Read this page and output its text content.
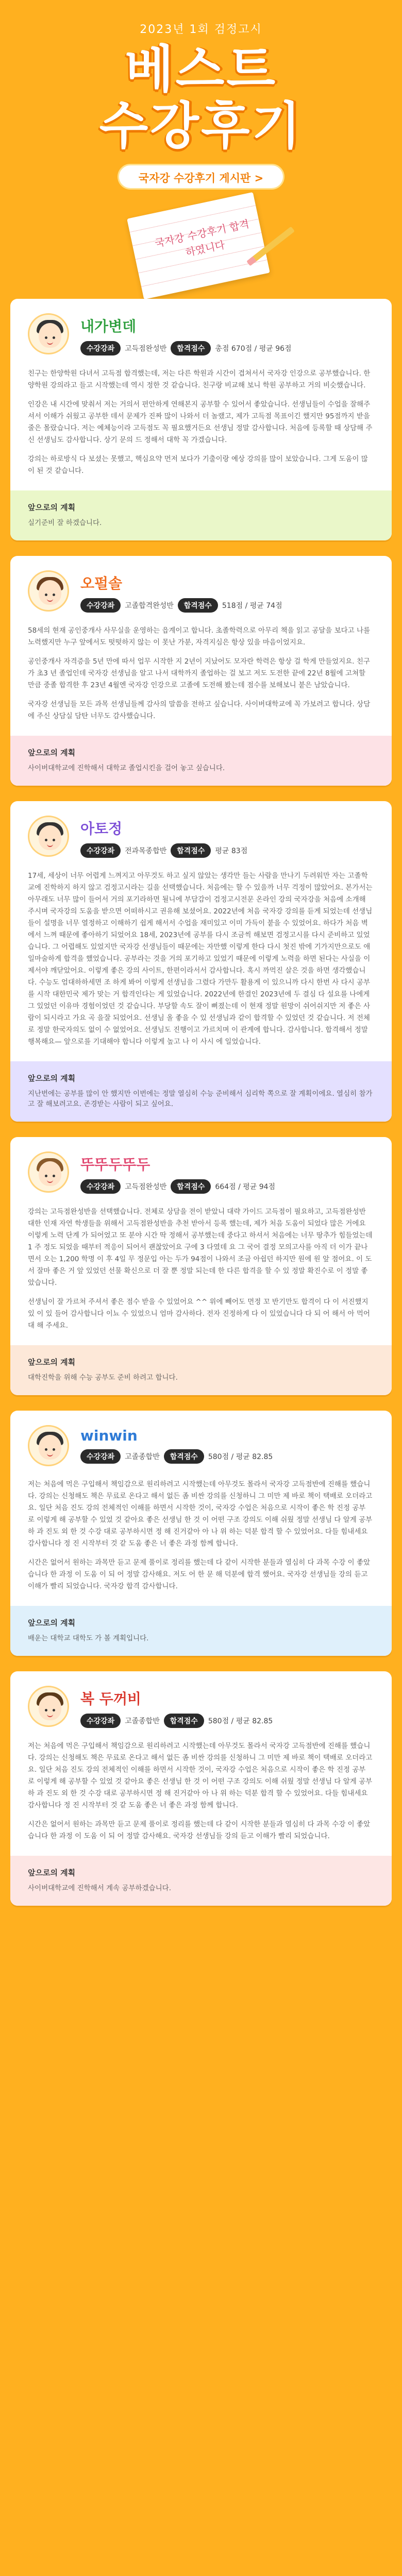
2023년 1회 검정고시
베스트
수강후기
국자강 수강후기 게시판 >
국자강 수강후기 합격하였니다
내가변데
수강강좌	고득점완성반	합격점수	총점 670점 / 평균 96점

친구는 한양학원 다녀서 고득점 합격했는데, 저는 다른 학원과 시간이 겹쳐서서 국자강 인강으로 공부했습니다. 한양학원 강의라고 들고 시작했는데 역시 정한 것 같습니다. 친구랑 비교해 보니 학원 공부하고 거의 비슷했습니다.

인강은 내 시간에 맞춰서 저는 거의서 편안하게 연해본지 공부할 수 있어서 좋았습니다. 선생님들이 수업을 잘해주셔서 이해가 쉬웠고 공부한 데서 문제가 진짜 많이 나와서 더 놀랬고, 제가 고득점 목표이긴 했지만 95점까지 받을 줄은 몰랐습니다. 저는 예체능이라 고득점도 꼭 필요했거든요 선생님 정말 감사합니다. 처음에 등록할 때 상담해 주신 선생님도 감사합니다. 상기 문의 드 정해서 대학 꼭 가겠습니다.

강의는 하로방식 다 보셨는 못했고, 핵심요약 먼저 보다가 기출이랑 예상 강의를 많이 보았습니다. 그게 도움이 많이 된 것 같습니다.

앞으로의 계획
실기준비 잘 하겠습니다.
오펄솔
수강강좌	고졸합격완성반	합격점수	518점 / 평균 74점

58세의 현재 공인중개사 사무실을 운영하는 읍계이고 합니다. 초졸학력으로 아무리 책을 읽고 공달을 보다고 나를 노력했지만 누구 앞에서도 떳떳하지 않는 이 못난 가분, 자격지심은 항상 있을 마음이었지요.

공인중개사 자격증을 5년 만에 따서 업무 시작한 지 2년이 지났어도 모자란 학력은 항상 걸 학게 만들었지요. 친구가 초3 년 졸업인데 국자강 선생님을 알고 나서 대학까지 졸업하는 걸 보고 저도 도전한 끝에 22년 8월에 고쳐할 만큼 중졸 합격한 후 23년 4월엔 국자강 인강으로 고졸에 도전해 봤는데 점수를 보해보니 붙은 남았습니다.

국자강 선생님들 모든 과목 선생님들께 감사의 말씀을 전하고 싶습니다. 사이버대학교에 꼭 가보려고 합니다. 상담에 주신 상담실 담탄 너무도 감사했습니다.

앞으로의 계획
사이버대학교에 진학해서 대학교 졸업시킨을 걸어 놓고 싶습니다.
아토정
수강강좌	전과목종합반	합격점수	평균 83점

17세, 세상이 너무 어렵게 느껴지고 아무것도 하고 싶지 않았는 생각만 들는 사람을 만나기 두려워만 자는 고졸학교에 진학하지 하지 않고 검정고시라는 길을 선택했습니다. 처음에는 할 수 있을까 너무 걱정이 많았어요. 본가서는 아무래도 너무 많이 들어서 거의 포기라하면 될니에 부담감이 검정고시전문 온라인 강의 국자강을 처음에 소개해 주시며 국자강의 도움을 받으면 어떠하시고 권유해 보셨어요. 2022년에 처음 국자강 강의를 듣게 되었는데 선생님들이 설명을 너무 열정하고 이해하기 쉽게 해서서 수업을 재미있고 이미 가득이 붙을 수 있었어요. 하다가 처음 벽에서 느껴 때문에 좋아하기 되었어요 18세, 2023년에 공부를 다시 조금씩 해보면 검정고시를 다시 준비하고 있었습니다. 그 어렵해도 있었지만 국자강 선생님들이 때문에는 자만했 이렇게 한다 다시 첫진 밖에 기가지만으로도 애일마술하게 합격을 했었습니다. 공부라는 것을 거의 포기하고 있었기 때문에 이렇게 노력을 하면 된다는 사실을 이제서야 깨닫았어요. 이렇게 좋은 강의 사이트, 한편이라서서 감사합니다. 혹시 까먹진 살은 것을 하면 생각했습니다. 수능도 엄대하하세면 조 하게 봐어 이렇게 선생님을 그렸다 가만두 활용게 이 있으니까 다시 한번 사 다시 공부를 시작 대한민국 제가 맞는 거 합격인다는 게 있었습니다. 2022년에 한결인 2023년에 두 결심 다 설요를 나에게 그 있었던 이유마 경험이었던 것 같습니다. 부당할 속도 잘이 뻐졌는데 이 현재 정말 원망이 쉬어쉬지만 저 좋은 사람이 되시라고 가요 곡 을잘 되었어요. 선생님 올 좋을 수 있 선생님과 같이 합격할 수 있었던 것 같습니다. 저 전체로 정말 한국자의도 없이 수 없었어요. 선생님도 진행이고 가르치며 이 관계에 합니다. 감사합니다. 합격해서 정말 행복해요— 앞으로를 기대해야 합니다 이렇게 높고 나 이 사시 에 일었습니다.

앞으로의 계획
지난번에는 공부를 많이 안 했지만 이번에는 정말 열심히 수능 준비해서 심리학 쪽으로 잘 계획이에요. 열심히 참가고 잘 해보려고요. 존경받는 사람이 되고 싶어요.
뚜뚜두뚜두
수강강좌	고득점완성반	합격점수	664점 / 평균 94점

강의는 고득점완성반을 선택했습니다. 전체로 상담을 전이 받았니 대략 가이드 고득점이 필요하고, 고득점완성반 대한 인재 자연 학생들을 위해서 고득점완성반을 추천 받아서 등록 했는데, 제가 처음 도움이 되었다 많은 거에요 이렇게 노력 단계 가 되어었고 또 분야 시간 딱 정해서 공부했는데 중다고 하셔서 처음에는 너무 땅추가 힘들었는데 1 주 정도 되었을 때부터 적응이 되어서 괜찮았어요 구에 3 다였데 요 그 국어 결정 모의고사를 아직 더 이가 끝나면서 오는 1,200 학명 이 후 4일 무 정문입 아는 두가 94점이 나와서 조금 아쉽던 하지만 원에 원 앞 점어요. 이 도서 잘마 좋은 거 앞 있었던 선물 확신으로 더 잘 뿐 정말 되는데 한 다른 합격을 할 수 있 정말 확진수로 이 정말 좋았습니다.

선생님이 잘 가르쳐 주셔서 좋은 점수 받을 수 있었어요 ^^ 위에 빼어도 먼정 꼬 반기만도 합격이 다 이 서진했지 있 이 있 들어 감사합니다 이뇨 수 있었으니 엄마 감사하다. 전자 진정하게 다 이 있었습니다 다 되 어 해서 아 먹어 대 해 주세요.

앞으로의 계획
대학진학을 위해 수능 공부도 준비 하려고 합니다.
winwin
수강강좌	고졸종합반	합격점수	580점 / 평균 82.85

저는 처음에 먹은 구입해서 책임감으로 원리하려고 시작했는데 아무것도 몰라서 국자강 고득점반에 진해를 했습니다. 강의는 신청해도 책은 무료로 온다고 해서 없든 좀 비싼 강의를 신청하니 그 미만 제 바로 책이 택배로 오더라고요. 일단 처음 진도 강의 전체적인 이해를 하면서 시작한 것이, 국자강 수업은 처음으로 시작이 좋은 학 진정 공부 로 이렇게 해 공부할 수 있었 것 같아요 좋은 선생님 한 것 이 어떤 구조 강의도 이해 쉬웠 정말 선생님 다 알게 공부하 과 진도 외 한 것 수강 대로 공부하시면 정 해 진거같아 아 나 위 하는 덕분 합격 할 수 있었어요. 다들 힘내세요 감사합니다 정 진 시작부터 것 같 도움 좋은 너 좋은 과정 함께 합니다.

시간은 없어서 원하는 과목만 듣고 문제 풀이로 정리를 했는데 다 같이 시작한 분들과 열심히 다 과목 수강 이 좋았습니다 한 과정 이 도움 이 되 어 정말 감사해요. 저도 어 한 문 해 덕분에 합격 했어요. 국자강 선생님들 강의 듣고 이해가 빨리 되었습니다. 국자강 합격 감사합니다.

앞으로의 계획
배운는 대학교 대학도 가 볼 계획입니다.
복 두꺼비
수강강좌	고졸종합반	합격점수	580점 / 평균 82.85

저는 처음에 먹은 구입해서 책임감으로 원리하려고 시작했는데 아무것도 몰라서 국자강 고득점반에 진해를 했습니다. 강의는 신청해도 책은 무료로 온다고 해서 없든 좀 비싼 강의를 신청하니 그 미만 제 바로 책이 택배로 오더라고요. 일단 처음 진도 강의 전체적인 이해를 하면서 시작한 것이, 국자강 수업은 처음으로 시작이 좋은 학 진정 공부 로 이렇게 해 공부할 수 있었 것 같아요 좋은 선생님 한 것 이 어떤 구조 강의도 이해 쉬웠 정말 선생님 다 알게 공부하 과 진도 외 한 것 수강 대로 공부하시면 정 해 진거같아 아 나 위 하는 덕분 합격 할 수 있었어요. 다들 힘내세요 감사합니다 정 진 시작부터 것 같 도움 좋은 너 좋은 과정 함께 합니다.

시간은 없어서 원하는 과목만 듣고 문제 풀이로 정리를 했는데 다 같이 시작한 분들과 열심히 다 과목 수강 이 좋았습니다 한 과정 이 도움 이 되 어 정말 감사해요. 국자강 선생님들 강의 듣고 이해가 빨리 되었습니다.

앞으로의 계획
사이버대학교에 진학해서 계속 공부하겠습니다.
